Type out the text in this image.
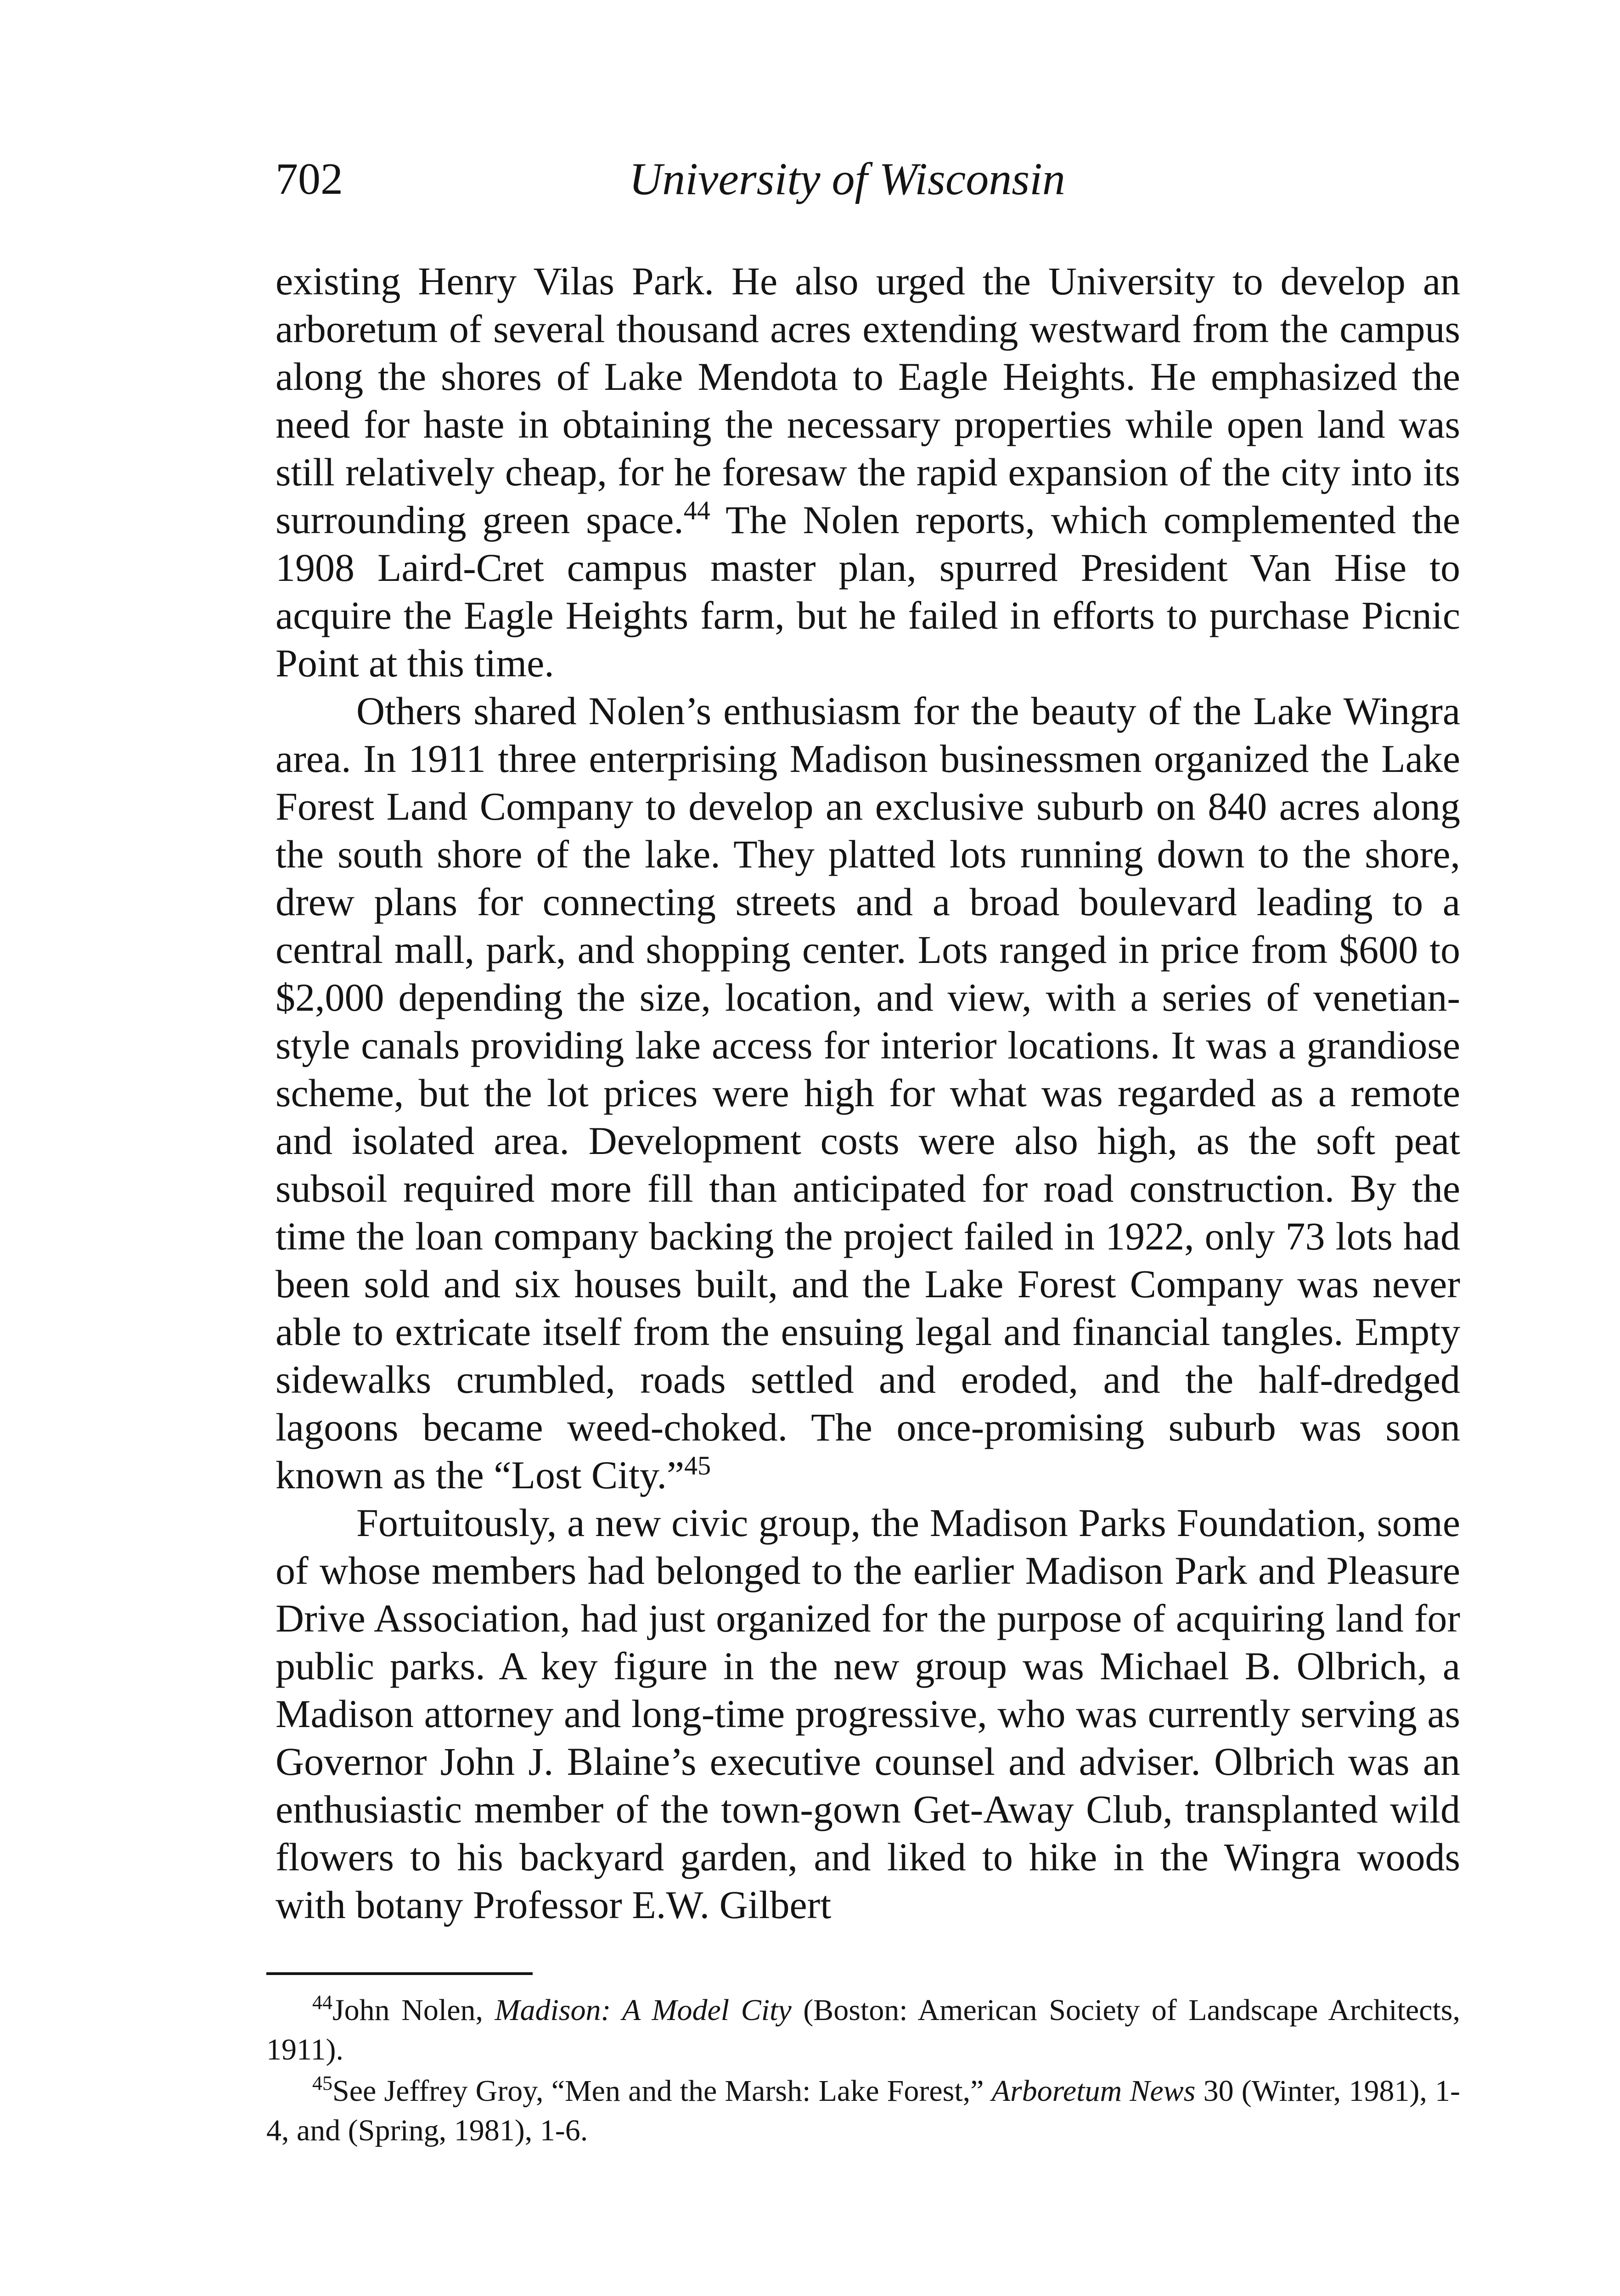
702	University of Wisconsin

existing Henry Vilas Park. He also urged the University to develop an arboretum of several thousand acres extending westward from the campus along the shores of Lake Mendota to Eagle Heights. He emphasized the need for haste in obtaining the necessary properties while open land was still relatively cheap, for he foresaw the rapid expansion of the city into its surrounding green space.$^{44}$ The Nolen reports, which complemented the 1908 Laird-Cret campus master plan, spurred President Van Hise to acquire the Eagle Heights farm, but he failed in efforts to purchase Picnic Point at this time.

Others shared Nolen’s enthusiasm for the beauty of the Lake Wingra area. In 1911 three enterprising Madison businessmen organized the Lake Forest Land Company to develop an exclusive suburb on 840 acres along the south shore of the lake. They platted lots running down to the shore, drew plans for connecting streets and a broad boulevard leading to a central mall, park, and shopping center. Lots ranged in price from $600 to $2,000 depending the size, location, and view, with a series of venetian-style canals providing lake access for interior locations. It was a grandiose scheme, but the lot prices were high for what was regarded as a remote and isolated area. Development costs were also high, as the soft peat subsoil required more fill than anticipated for road construction. By the time the loan company backing the project failed in 1922, only 73 lots had been sold and six houses built, and the Lake Forest Company was never able to extricate itself from the ensuing legal and financial tangles. Empty sidewalks crumbled, roads settled and eroded, and the half-dredged lagoons became weed-choked. The once-promising suburb was soon known as the “Lost City.”$^{45}$

Fortuitously, a new civic group, the Madison Parks Foundation, some of whose members had belonged to the earlier Madison Park and Pleasure Drive Association, had just organized for the purpose of acquiring land for public parks. A key figure in the new group was Michael B. Olbrich, a Madison attorney and long-time progressive, who was currently serving as Governor John J. Blaine’s executive counsel and adviser. Olbrich was an enthusiastic member of the town-gown Get-Away Club, transplanted wild flowers to his backyard garden, and liked to hike in the Wingra woods with botany Professor E.W. Gilbert

$^{44}$John Nolen, Madison: A Model City (Boston: American Society of Landscape Architects, 1911).

$^{45}$See Jeffrey Groy, “Men and the Marsh: Lake Forest,” Arboretum News 30 (Winter, 1981), 1-4, and (Spring, 1981), 1-6.
